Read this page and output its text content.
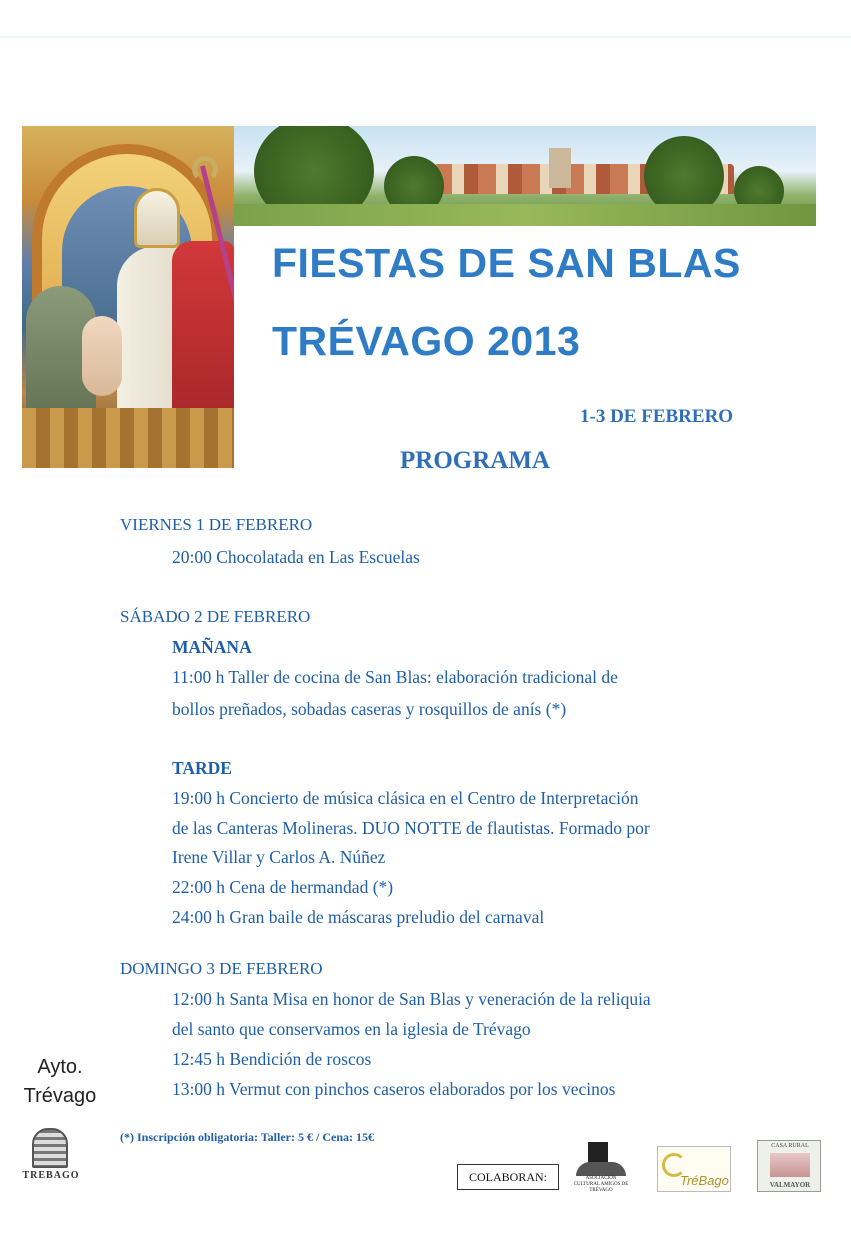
FIESTAS DE SAN BLAS
TRÉVAGO 2013
1-3 DE FEBRERO
PROGRAMA
VIERNES 1 DE FEBRERO
20:00 Chocolatada en Las Escuelas
SÁBADO 2 DE FEBRERO
MAÑANA
11:00 h Taller de cocina de San Blas: elaboración tradicional de
bollos preñados, sobadas caseras y rosquillos de anís (*)
TARDE
19:00 h Concierto de música clásica en el Centro de Interpretación
de las Canteras Molineras. DUO NOTTE de flautistas. Formado por
Irene Villar y Carlos A. Núñez
22:00 h Cena de hermandad (*)
24:00 h Gran baile de máscaras preludio del carnaval
DOMINGO 3 DE FEBRERO
12:00 h Santa Misa en honor de San Blas y veneración de la reliquia
del santo que conservamos en la iglesia de Trévago
12:45 h Bendición de roscos
13:00 h Vermut con pinchos caseros elaborados por los vecinos
(*) Inscripción obligatoria: Taller: 5 € / Cena: 15€
Ayto.
Trévago
TREBAGO	COLABORAN:	ASOCIACIÓN CULTURAL AMIGOS DE TRÉVAGO
TréBago
CASA RURAL
VALMAYOR
